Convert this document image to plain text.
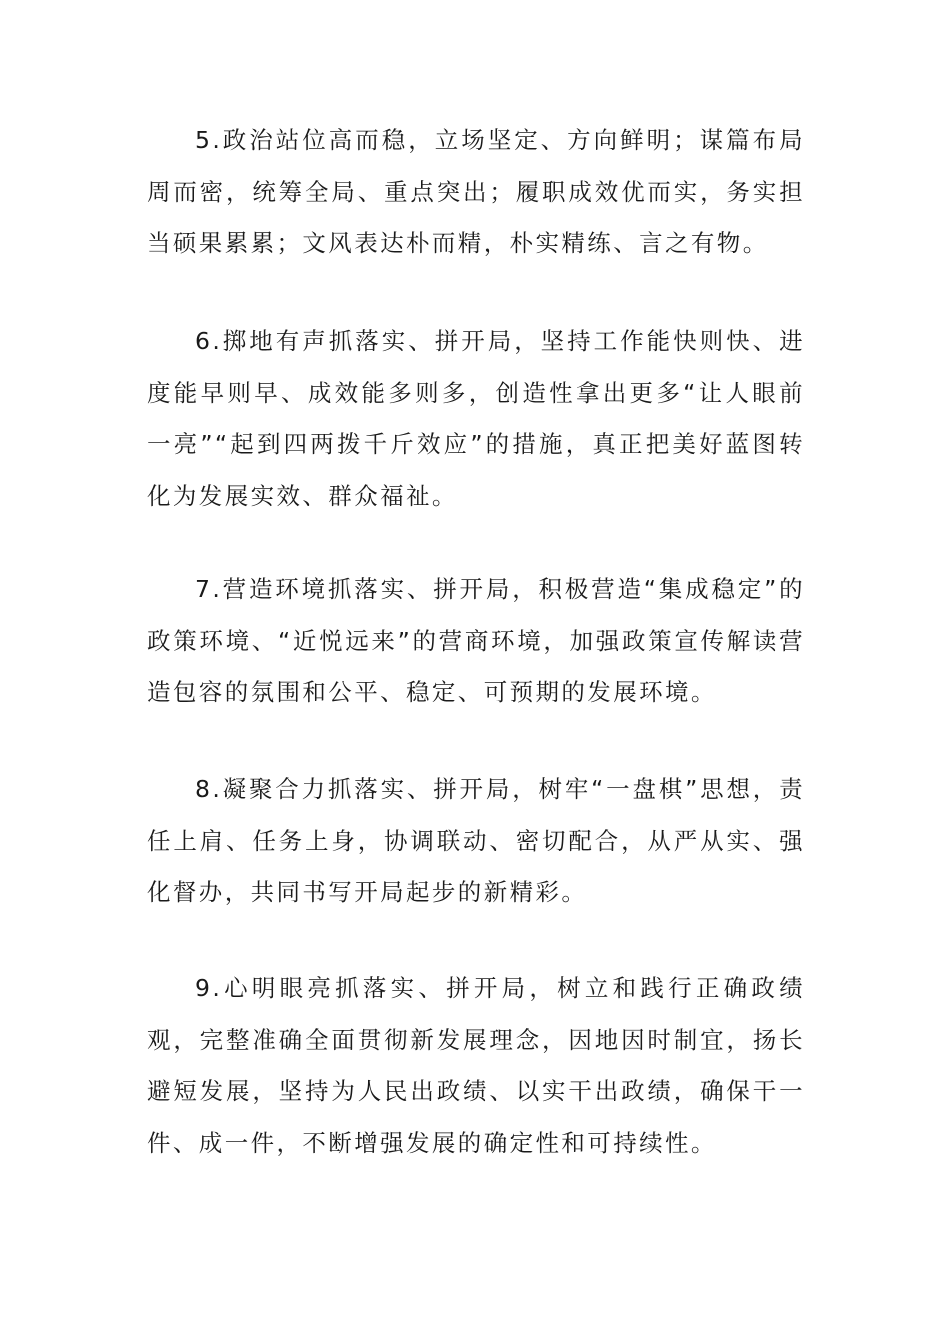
5.政治站位高而稳，立场坚定、方向鲜明；谋篇布局周而密，统筹全局、重点突出；履职成效优而实，务实担当硕果累累；文风表达朴而精，朴实精练、言之有物。

6.掷地有声抓落实、拼开局，坚持工作能快则快、进度能早则早、成效能多则多，创造性拿出更多“让人眼前一亮”“起到四两拨千斤效应”的措施，真正把美好蓝图转化为发展实效、群众福祉。

7.营造环境抓落实、拼开局，积极营造“集成稳定”的政策环境、“近悦远来”的营商环境，加强政策宣传解读营造包容的氛围和公平、稳定、可预期的发展环境。

8.凝聚合力抓落实、拼开局，树牢“一盘棋”思想，责任上肩、任务上身，协调联动、密切配合，从严从实、强化督办，共同书写开局起步的新精彩。

9.心明眼亮抓落实、拼开局，树立和践行正确政绩观，完整准确全面贯彻新发展理念，因地因时制宜，扬长避短发展，坚持为人民出政绩、以实干出政绩，确保干一件、成一件，不断增强发展的确定性和可持续性。
